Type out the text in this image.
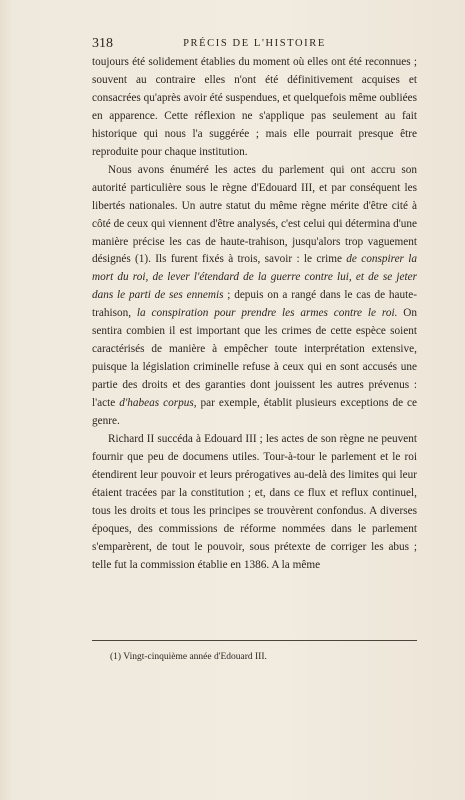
318	PRÉCIS DE L'HISTOIRE

toujours été solidement établies du moment où elles ont été reconnues ; souvent au contraire elles n'ont été définitivement acquises et consacrées qu'après avoir été suspendues, et quelquefois même oubliées en apparence. Cette réflexion ne s'applique pas seulement au fait historique qui nous l'a suggérée ; mais elle pourrait presque être reproduite pour chaque institution.

Nous avons énuméré les actes du parlement qui ont accru son autorité particulière sous le règne d'Edouard III, et par conséquent les libertés nationales. Un autre statut du même règne mérite d'être cité à côté de ceux qui viennent d'être analysés, c'est celui qui détermina d'une manière précise les cas de haute-trahison, jusqu'alors trop vaguement désignés (1). Ils furent fixés à trois, savoir : le crime de conspirer la mort du roi, de lever l'étendard de la guerre contre lui, et de se jeter dans le parti de ses ennemis ; depuis on a rangé dans le cas de haute-trahison, la conspiration pour prendre les armes contre le roi. On sentira combien il est important que les crimes de cette espèce soient caractérisés de manière à empêcher toute interprétation extensive, puisque la législation criminelle refuse à ceux qui en sont accusés une partie des droits et des garanties dont jouissent les autres prévenus : l'acte d'habeas corpus, par exemple, établit plusieurs exceptions de ce genre.

Richard II succéda à Edouard III ; les actes de son règne ne peuvent fournir que peu de documens utiles. Tour-à-tour le parlement et le roi étendirent leur pouvoir et leurs prérogatives au-delà des limites qui leur étaient tracées par la constitution ; et, dans ce flux et reflux continuel, tous les droits et tous les principes se trouvèrent confondus. A diverses époques, des commissions de réforme nommées dans le parlement s'emparèrent, de tout le pouvoir, sous prétexte de corriger les abus ; telle fut la commission établie en 1386. A la même

(1) Vingt-cinquième année d'Edouard III.
